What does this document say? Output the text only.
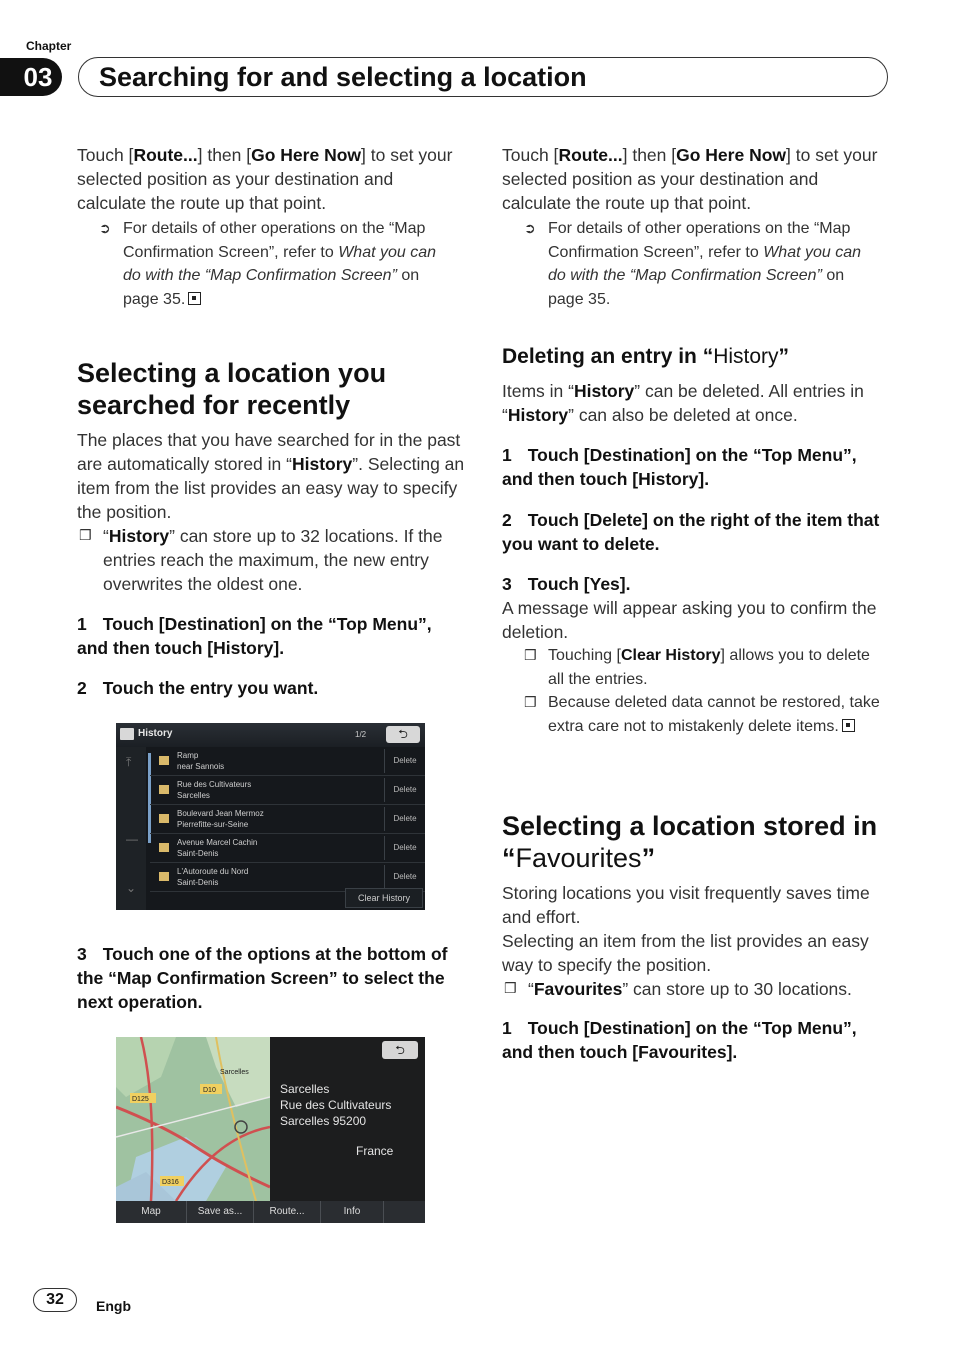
Chapter
03	Searching for and selecting a location

Touch [Route...] then [Go Here Now] to set your selected position as your destination and calculate the route up that point.

➲ For details of other operations on the “Map Confirmation Screen”, refer to What you can do with the “Map Confirmation Screen” on page 35.
Selecting a location you searched for recently

The places that you have searched for in the past are automatically stored in “History”. Selecting an item from the list provides an easy way to specify the position.

❒ “History” can store up to 32 locations. If the entries reach the maximum, the new entry overwrites the oldest one.

1 Touch [Destination] on the “Top Menu”, and then touch [History].

2 Touch the entry you want.

History	1/2	⮌
⤒
—
⌄
Ramp
near Sannois
Delete
Rue des Cultivateurs
Sarcelles
Delete
Boulevard Jean Mermoz
Pierrefitte-sur-Seine
Delete
Avenue Marcel Cachin
Saint-Denis
Delete
L'Autoroute du Nord
Saint-Denis
Delete
Clear History

3 Touch one of the options at the bottom of the “Map Confirmation Screen” to select the next operation.

D125
D10
D316
Sarcelles
Sarcelles
Rue des Cultivateurs
Sarcelles 95200
France
⮌
Map	Save as...	Route...	Info

Touch [Route...] then [Go Here Now] to set your selected position as your destination and calculate the route up that point.

➲ For details of other operations on the “Map Confirmation Screen”, refer to What you can do with the “Map Confirmation Screen” on page 35.
Deleting an entry in “History”

Items in “History” can be deleted. All entries in “History” can also be deleted at once.

1 Touch [Destination] on the “Top Menu”, and then touch [History].

2 Touch [Delete] on the right of the item that you want to delete.

3 Touch [Yes].

A message will appear asking you to confirm the deletion.

❒ Touching [Clear History] allows you to delete all the entries.
❒ Because deleted data cannot be restored, take extra care not to mistakenly delete items.
Selecting a location stored in “Favourites”

Storing locations you visit frequently saves time and effort.

Selecting an item from the list provides an easy way to specify the position.

❒ “Favourites” can store up to 30 locations.

1 Touch [Destination] on the “Top Menu”, and then touch [Favourites].

32	Engb
